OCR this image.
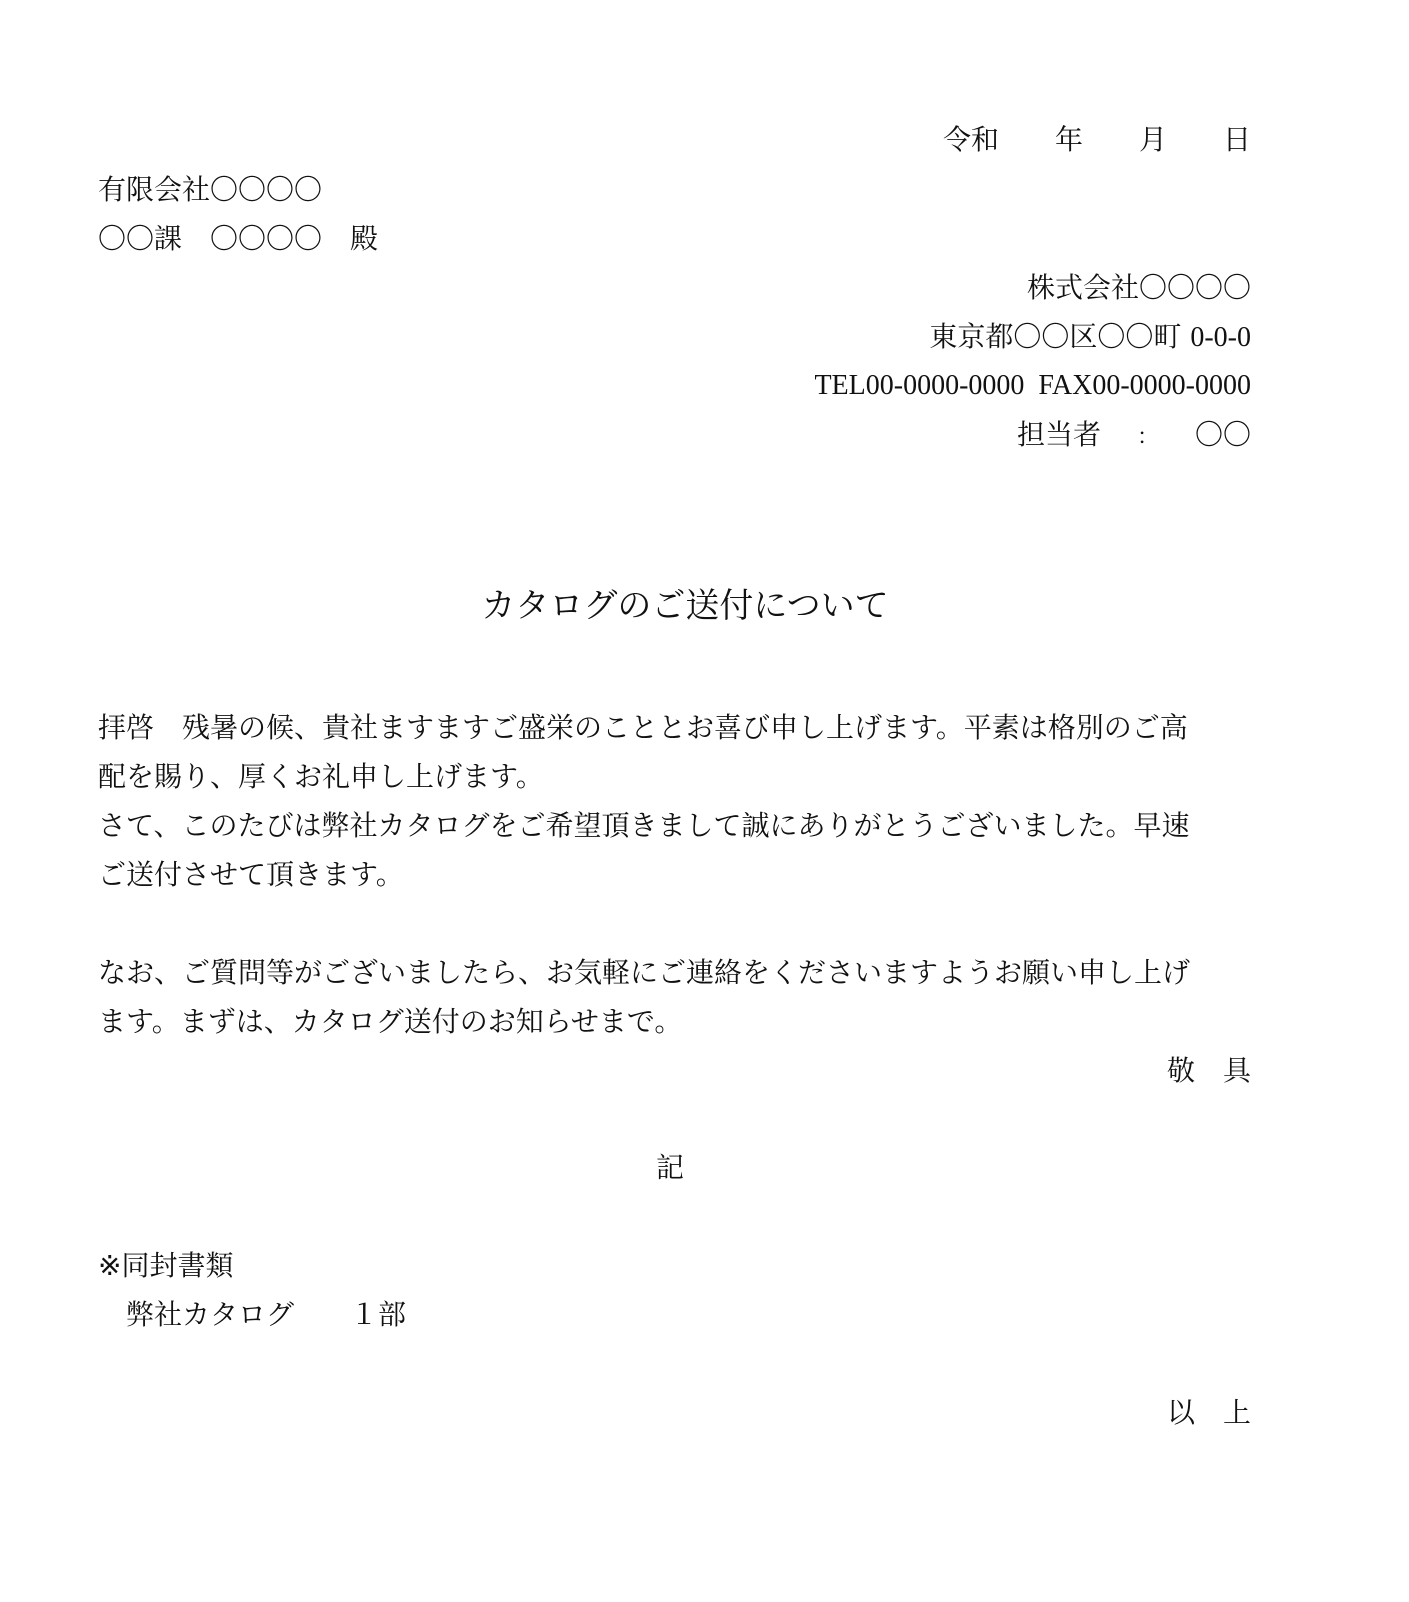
令和　　年　　月　　日
有限会社〇〇〇〇
〇〇課　〇〇〇〇　殿
株式会社〇〇〇〇
東京都〇〇区〇〇町 0-0-0
TEL00-0000-0000  FAX00-0000-0000
担当者 ： 〇〇
カタログのご送付について

拝啓　残暑の候、貴社ますますご盛栄のこととお喜び申し上げます。平素は格別のご高

配を賜り、厚くお礼申し上げます。

さて、このたびは弊社カタログをご希望頂きまして誠にありがとうございました。早速

ご送付させて頂きます。

なお、ご質問等がございましたら、お気軽にご連絡をくださいますようお願い申し上げ

ます。まずは、カタログ送付のお知らせまで。

敬　具
記
※同封書類
　弊社カタログ　　１部
以　上
